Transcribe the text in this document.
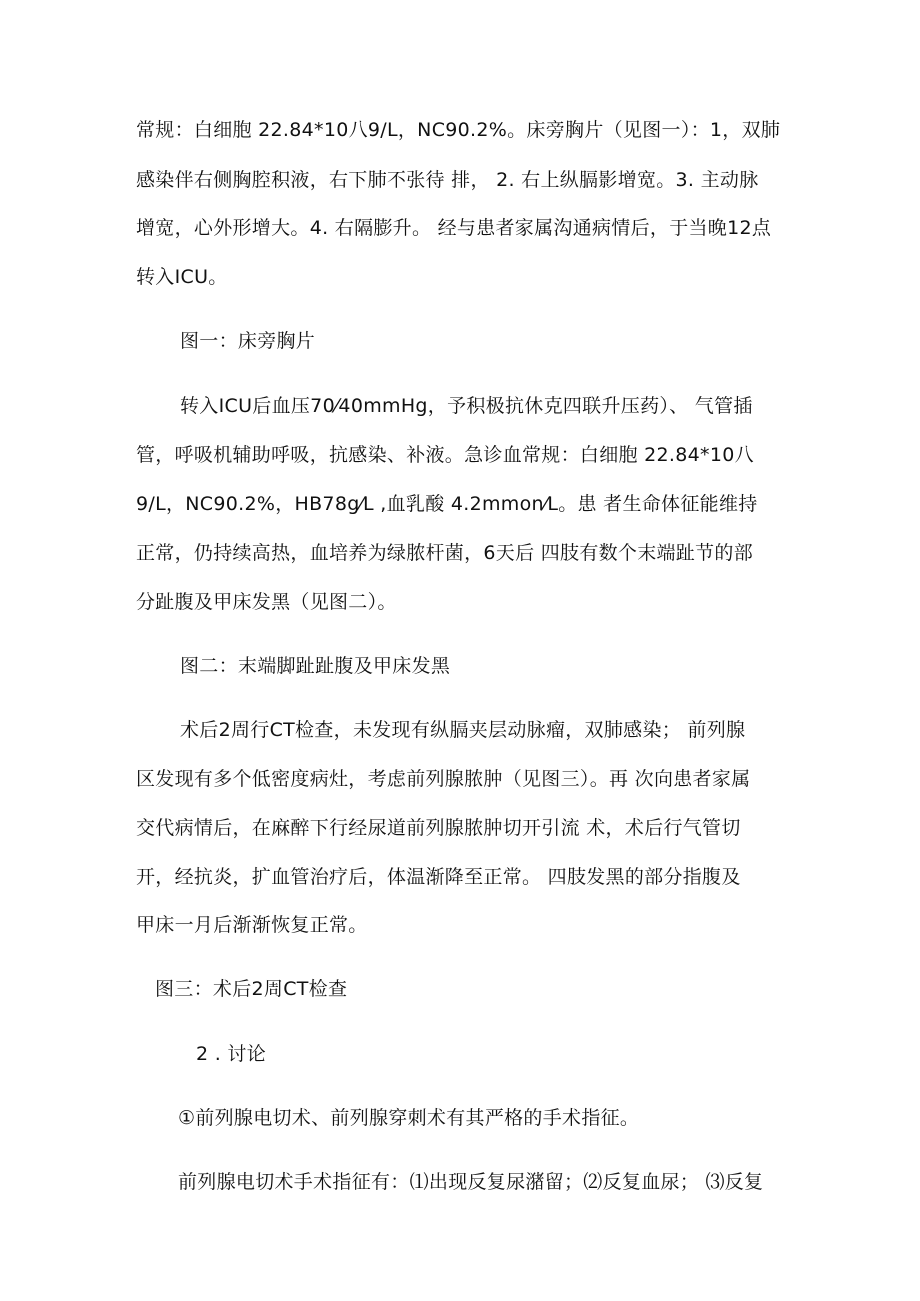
常规：白细胞 22.84*10八9/L，NC90.2%。床旁胸片（见图一）：1，双肺
感染伴右侧胸腔积液，右下肺不张待 排， 2. 右上纵膈影增宽。3. 主动脉
增宽，心外形增大。4. 右隔膨升。 经与患者家属沟通病情后，于当晚12点
转入ICU。
图一：床旁胸片
转入ICU后血压70⁄40mmHg，予积极抗休克四联升压药）、 气管插
管，呼吸机辅助呼吸，抗感染、补液。急诊血常规：白细胞 22.84*10八
9/L，NC90.2%，HB78g⁄L ,血乳酸 4.2mmon⁄L。患 者生命体征能维持
正常，仍持续高热，血培养为绿脓杆菌，6天后 四肢有数个末端趾节的部
分趾腹及甲床发黑（见图二）。
图二：末端脚趾趾腹及甲床发黑
术后2周行CT检查，未发现有纵膈夹层动脉瘤，双肺感染； 前列腺
区发现有多个低密度病灶，考虑前列腺脓肿（见图三）。再 次向患者家属
交代病情后，在麻醉下行经尿道前列腺脓肿切开引流 术，术后行气管切
开，经抗炎，扩血管治疗后，体温渐降至正常。 四肢发黑的部分指腹及
甲床一月后渐渐恢复正常。
图三：术后2周CT检查
2 . 讨论
①前列腺电切术、前列腺穿刺术有其严格的手术指征。
前列腺电切术手术指征有：⑴出现反复尿潴留；⑵反复血尿； ⑶反复
